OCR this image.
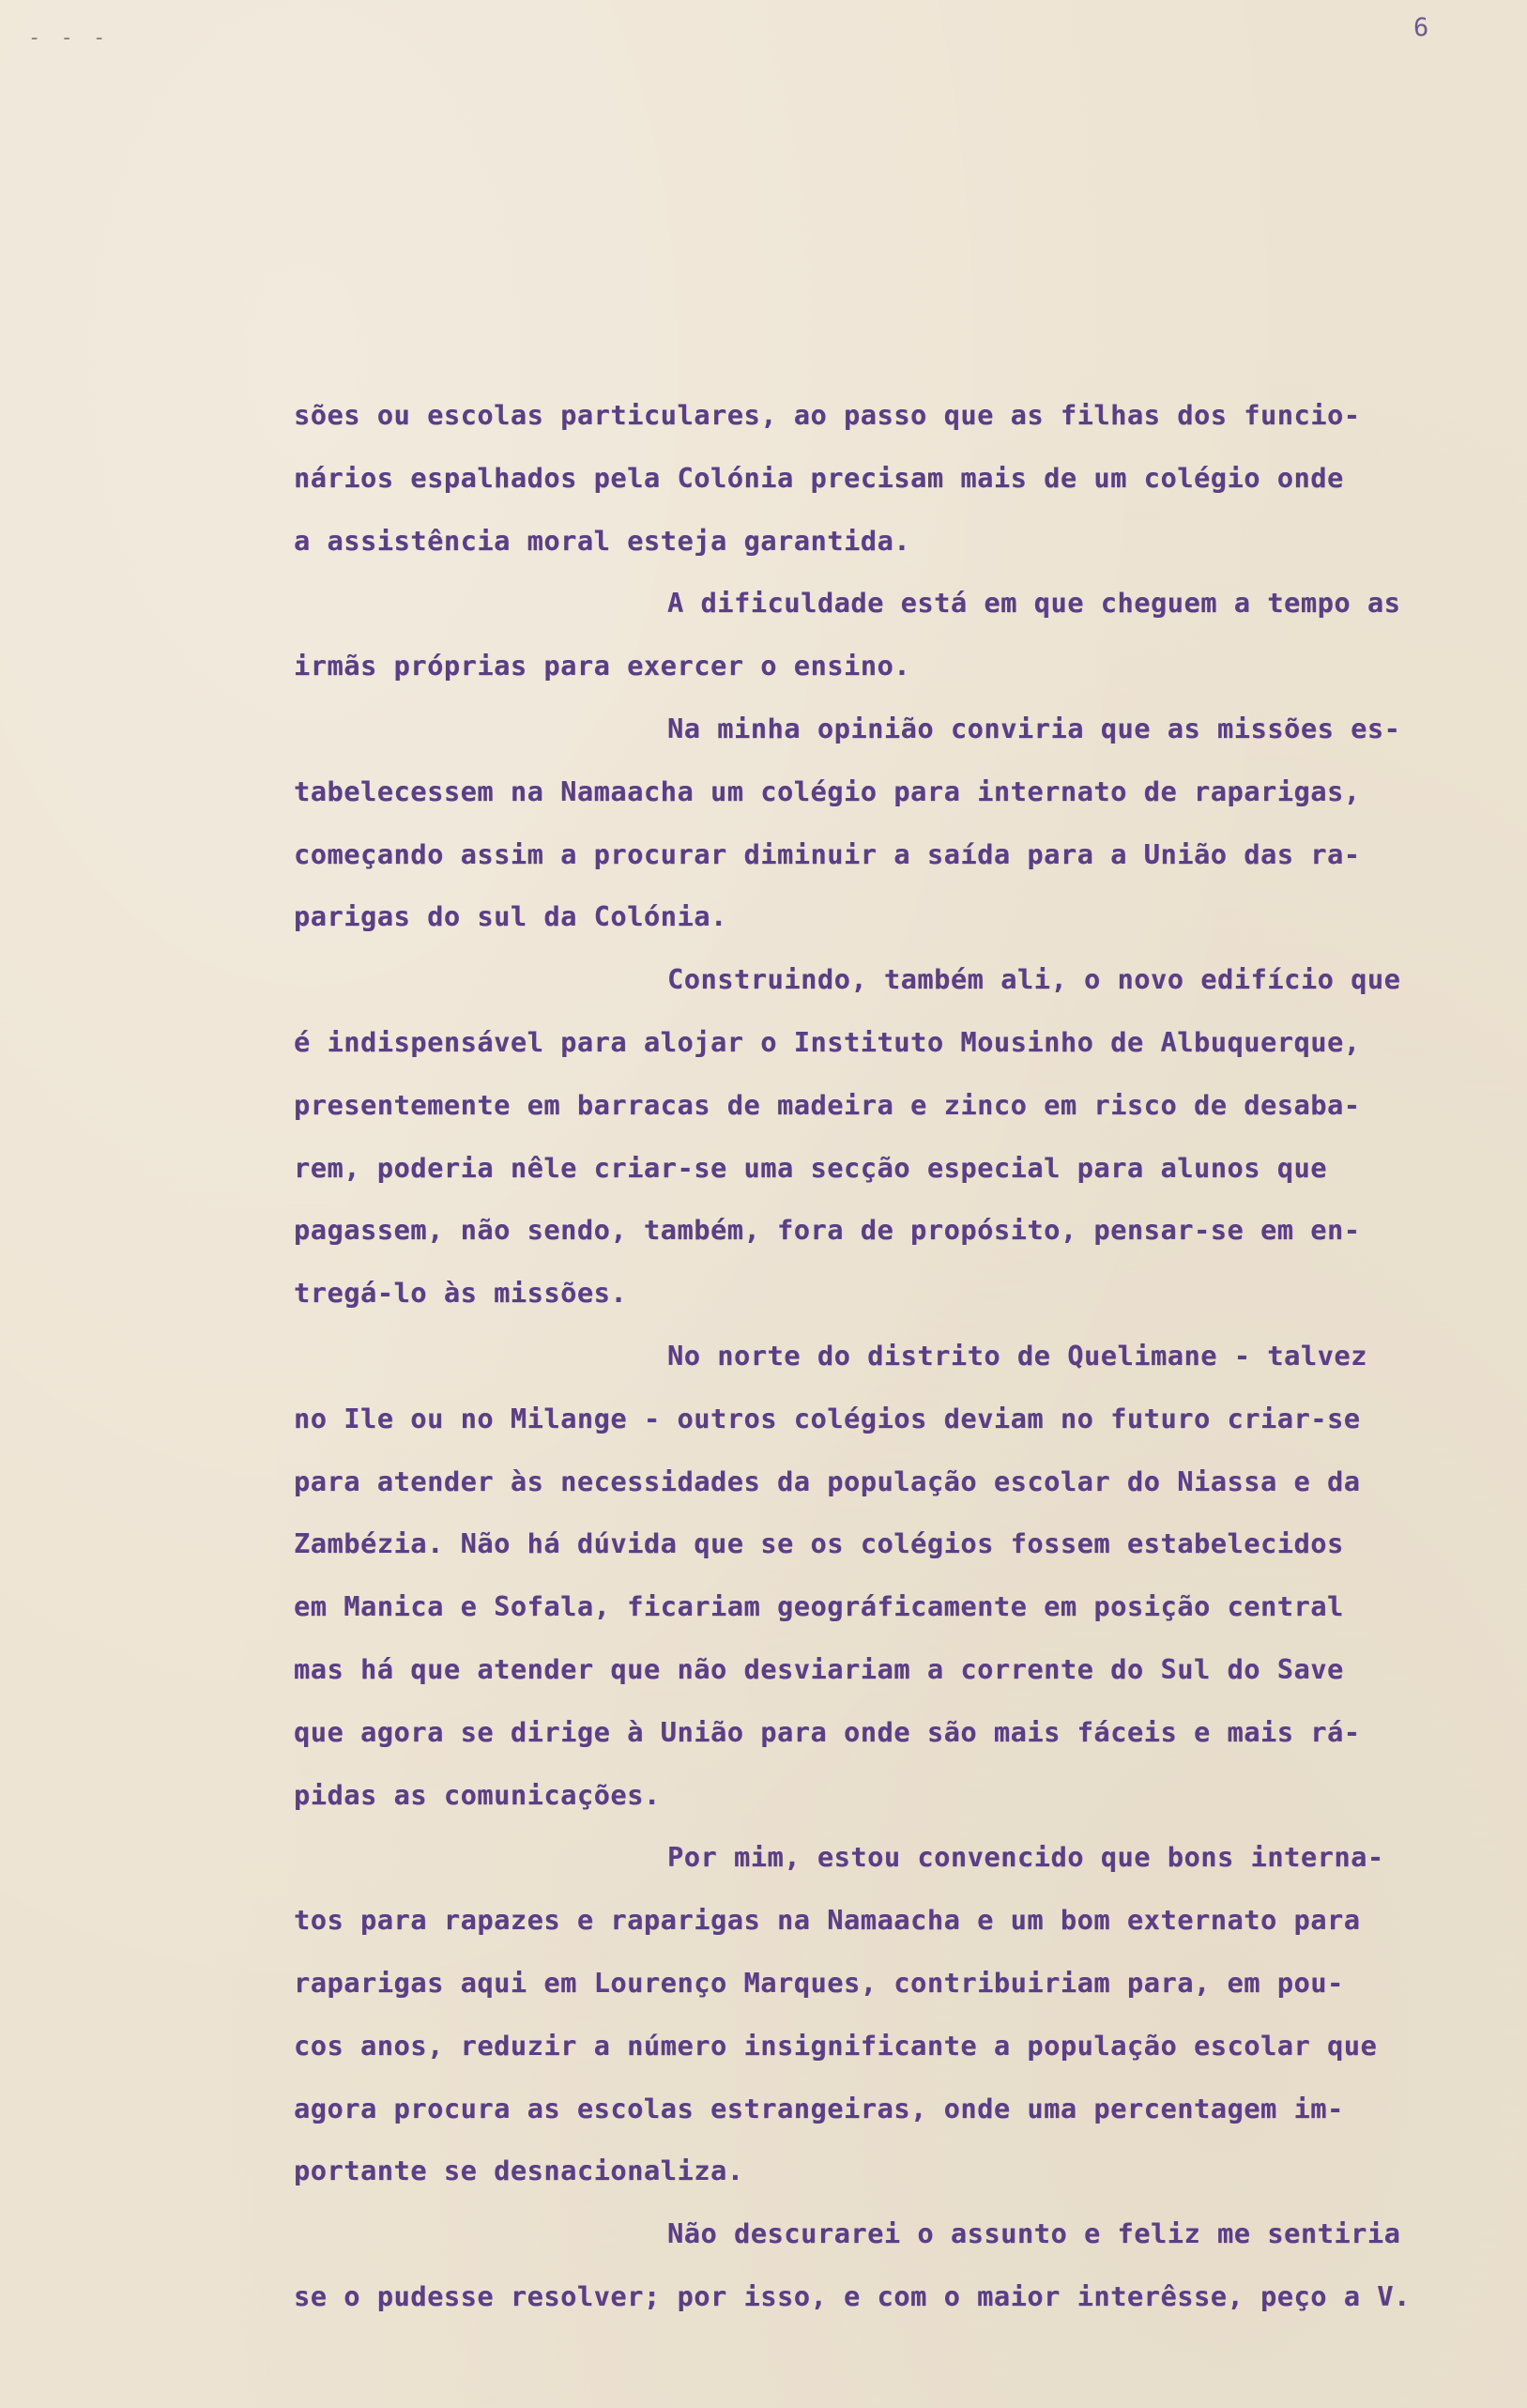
- - -	6
sões ou escolas particulares, ao passo que as filhas dos funcio-
nários espalhados pela Colónia precisam mais de um colégio onde
a assistência moral esteja garantida.
A dificuldade está em que cheguem a tempo as
irmãs próprias para exercer o ensino.
Na minha opinião conviria que as missões es-
tabelecessem na Namaacha um colégio para internato de raparigas,
começando assim a procurar diminuir a saída para a União das ra-
parigas do sul da Colónia.
Construindo, também ali, o novo edifício que
é indispensável para alojar o Instituto Mousinho de Albuquerque,
presentemente em barracas de madeira e zinco em risco de desaba-
rem, poderia nêle criar-se uma secção especial para alunos que
pagassem, não sendo, também, fora de propósito, pensar-se em en-
tregá-lo às missões.
No norte do distrito de Quelimane - talvez
no Ile ou no Milange - outros colégios deviam no futuro criar-se
para atender às necessidades da população escolar do Niassa e da
Zambézia. Não há dúvida que se os colégios fossem estabelecidos
em Manica e Sofala, ficariam geográficamente em posição central
mas há que atender que não desviariam a corrente do Sul do Save
que agora se dirige à União para onde são mais fáceis e mais rá-
pidas as comunicações.
Por mim, estou convencido que bons interna-
tos para rapazes e raparigas na Namaacha e um bom externato para
raparigas aqui em Lourenço Marques, contribuiriam para, em pou-
cos anos, reduzir a número insignificante a população escolar que
agora procura as escolas estrangeiras, onde uma percentagem im-
portante se desnacionaliza.
Não descurarei o assunto e feliz me sentiria
se o pudesse resolver; por isso, e com o maior interêsse, peço a V.
